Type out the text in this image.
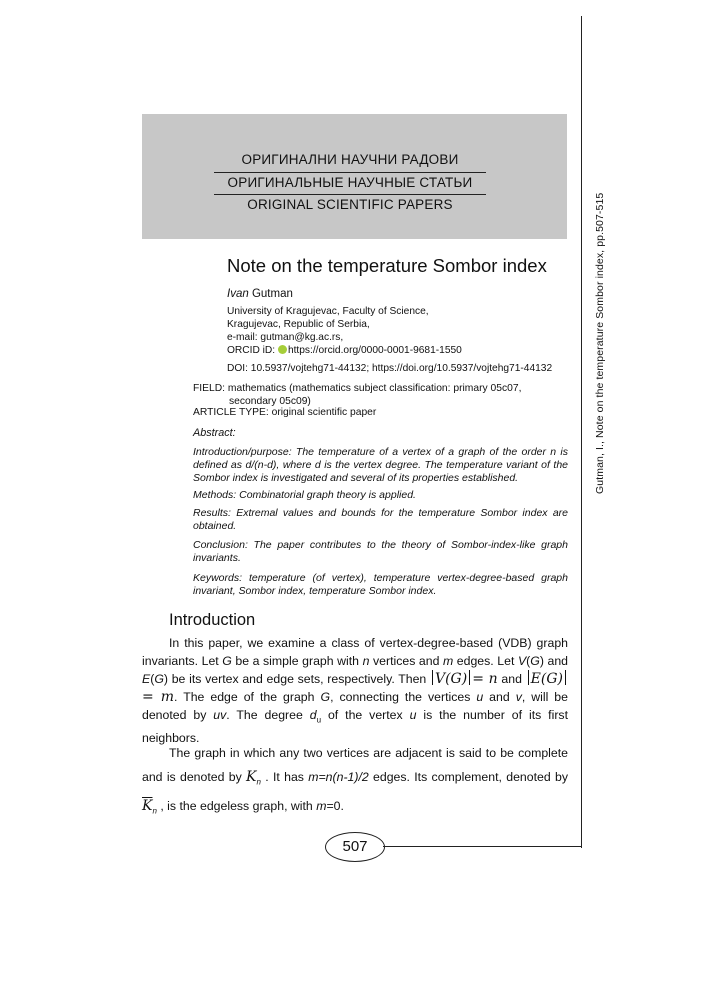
Gutman, I., Note on the temperature Sombor index, pp.507-515
ОРИГИНАЛНИ НАУЧНИ РАДОВИ
ОРИГИНАЛЬНЫЕ НАУЧНЫЕ СТАТЬИ
ORIGINAL SCIENTIFIC PAPERS
Note on the temperature Sombor index
Ivan Gutman
University of Kragujevac, Faculty of Science,
Kragujevac, Republic of Serbia,
e-mail: gutman@kg.ac.rs,
ORCID iD: https://orcid.org/0000-0001-9681-1550
DOI: 10.5937/vojtehg71-44132; https://doi.org/10.5937/vojtehg71-44132
FIELD: mathematics (mathematics subject classification: primary 05c07,
secondary 05c09)
ARTICLE TYPE: original scientific paper
Abstract:
Introduction/purpose: The temperature of a vertex of a graph of the order n is defined as d/(n-d), where d is the vertex degree. The temperature variant of the Sombor index is investigated and several of its properties established.
Methods: Combinatorial graph theory is applied.
Results: Extremal values and bounds for the temperature Sombor index are obtained.
Conclusion: The paper contributes to the theory of Sombor-index-like graph invariants.
Keywords: temperature (of vertex), temperature vertex-degree-based graph invariant, Sombor index, temperature Sombor index.
Introduction
In this paper, we examine a class of vertex-degree-based (VDB) graph invariants. Let G be a simple graph with n vertices and m edges. Let V(G) and E(G) be its vertex and edge sets, respectively. Then V(G) = n and E(G)= m. The edge of the graph G, connecting the vertices u and v, will be denoted by uv. The degree $d_u$ of the vertex u is the number of its first neighbors.
The graph in which any two vertices are adjacent is said to be complete and is denoted by $K_n$ . It has m=n(n-1)/2 edges. Its complement, denoted by $\overline{K}_n$ , is the edgeless graph, with m=0.
507
